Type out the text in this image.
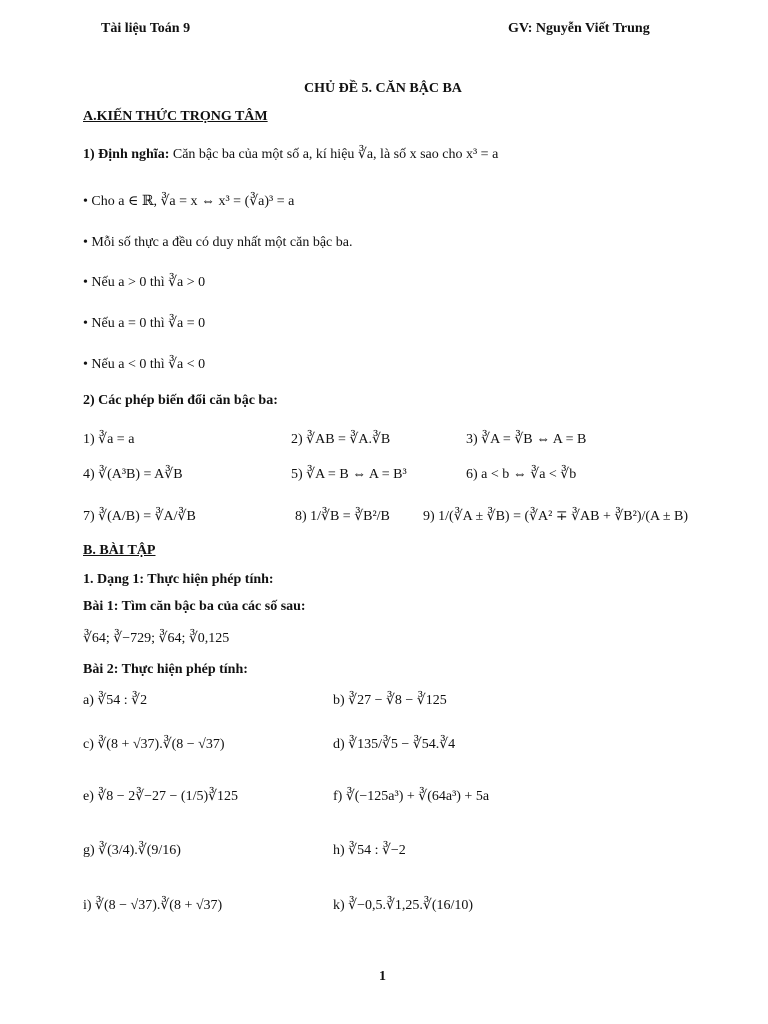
Tài liệu Toán 9	GV: Nguyễn Viết Trung
CHỦ ĐỀ 5. CĂN BẬC BA
A.KIẾN THỨC TRỌNG TÂM
1) Định nghĩa: Căn bậc ba của một số a, kí hiệu ∛a, là số x sao cho x³ = a
• Cho a ∈ ℝ, ∛a = x ⇔ x³ = (∛a)³ = a
• Mỗi số thực a đều có duy nhất một căn bậc ba.
• Nếu a > 0 thì ∛a > 0
• Nếu a = 0 thì ∛a = 0
• Nếu a < 0 thì ∛a < 0
2) Các phép biến đổi căn bậc ba:
1) ∛a = a	2) ∛AB = ∛A.∛B	3) ∛A = ∛B ⇔ A = B
4) ∛(A³B) = A∛B	5) ∛A = B ⇔ A = B³	6) a < b ⇔ ∛a < ∛b
7) ∛(A/B) = ∛A/∛B	8) 1/∛B = ∛B²/B 9) 1/(∛A ± ∛B) = (∛A² ∓ ∛AB + ∛B²)/(A ± B)
B. BÀI TẬP
1. Dạng 1: Thực hiện phép tính:
Bài 1: Tìm căn bậc ba của các số sau:
∛64; ∛−729; ∛64; ∛0,125
Bài 2: Thực hiện phép tính:
a) ∛54 : ∛2	b) ∛27 − ∛8 − ∛125
c) ∛(8 + √37).∛(8 − √37)	d) ∛135/∛5 − ∛54.∛4
e) ∛8 − 2∛−27 − (1/5)∛125	f) ∛(−125a³) + ∛(64a³) + 5a
g) ∛(3/4).∛(9/16)	h) ∛54 : ∛−2
i) ∛(8 − √37).∛(8 + √37)	k) ∛−0,5.∛1,25.∛(16/10)
1
